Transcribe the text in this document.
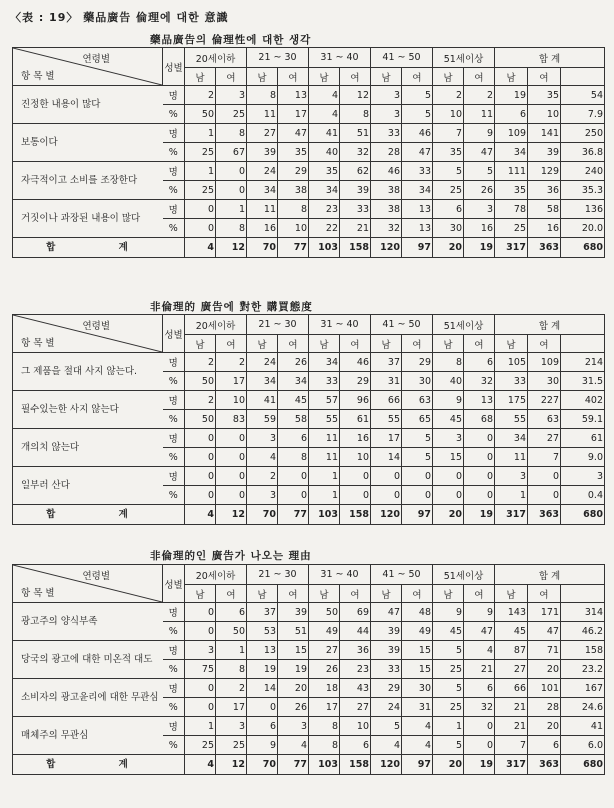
〈表 : 19〉 藥品廣告 倫理에 대한 意識
藥品廣告의 倫理性에 대한 생각
연령별
항 목 별	성별	20세이하		21 ~ 30		31 ~ 40		41 ~ 50		51세이상		합 계		
		남	여	남	여	남	여	남	여	남	여	남	여	
진정한 내용이 많다	명	2	3	8	13	4	12	3	5	2	2	19	35	54
	%	50	25	11	17	4	8	3	5	10	11	6	10	7.9
보통이다	명	1	8	27	47	41	51	33	46	7	9	109	141	250
	%	25	67	39	35	40	32	28	47	35	47	34	39	36.8
자극적이고 소비를 조장한다	명	1	0	24	29	35	62	46	33	5	5	111	129	240
	%	25	0	34	38	34	39	38	34	25	26	35	36	35.3
거짓이나 과장된 내용이 많다	명	0	1	11	8	23	33	38	13	6	3	78	58	136
	%	0	8	16	10	22	21	32	13	30	16	25	16	20.0
합 계		4	12	70	77	103	158	120	97	20	19	317	363	680
非倫理的 廣告에 對한 購買態度
연령별
항 목 별	성별	20세이하		21 ~ 30		31 ~ 40		41 ~ 50		51세이상		합 계		
		남	여	남	여	남	여	남	여	남	여	남	여	
그 제품을 절대 사지 않는다.	명	2	2	24	26	34	46	37	29	8	6	105	109	214
	%	50	17	34	34	33	29	31	30	40	32	33	30	31.5
필수있는한 사지 않는다	명	2	10	41	45	57	96	66	63	9	13	175	227	402
	%	50	83	59	58	55	61	55	65	45	68	55	63	59.1
개의치 않는다	명	0	0	3	6	11	16	17	5	3	0	34	27	61
	%	0	0	4	8	11	10	14	5	15	0	11	7	9.0
일부러 산다	명	0	0	2	0	1	0	0	0	0	0	3	0	3
	%	0	0	3	0	1	0	0	0	0	0	1	0	0.4
합 계		4	12	70	77	103	158	120	97	20	19	317	363	680
非倫理的인 廣告가 나오는 理由
연령별
항 목 별	성별	20세이하		21 ~ 30		31 ~ 40		41 ~ 50		51세이상		합 계		
		남	여	남	여	남	여	남	여	남	여	남	여	
광고주의 양식부족	명	0	6	37	39	50	69	47	48	9	9	143	171	314
	%	0	50	53	51	49	44	39	49	45	47	45	47	46.2
당국의 광고에 대한 미온적 대도	명	3	1	13	15	27	36	39	15	5	4	87	71	158
	%	75	8	19	19	26	23	33	15	25	21	27	20	23.2
소비자의 광고윤리에 대한 무관심	명	0	2	14	20	18	43	29	30	5	6	66	101	167
	%	0	17	0	26	17	27	24	31	25	32	21	28	24.6
매체주의 무관심	명	1	3	6	3	8	10	5	4	1	0	21	20	41
	%	25	25	9	4	8	6	4	4	5	0	7	6	6.0
합 계		4	12	70	77	103	158	120	97	20	19	317	363	680
